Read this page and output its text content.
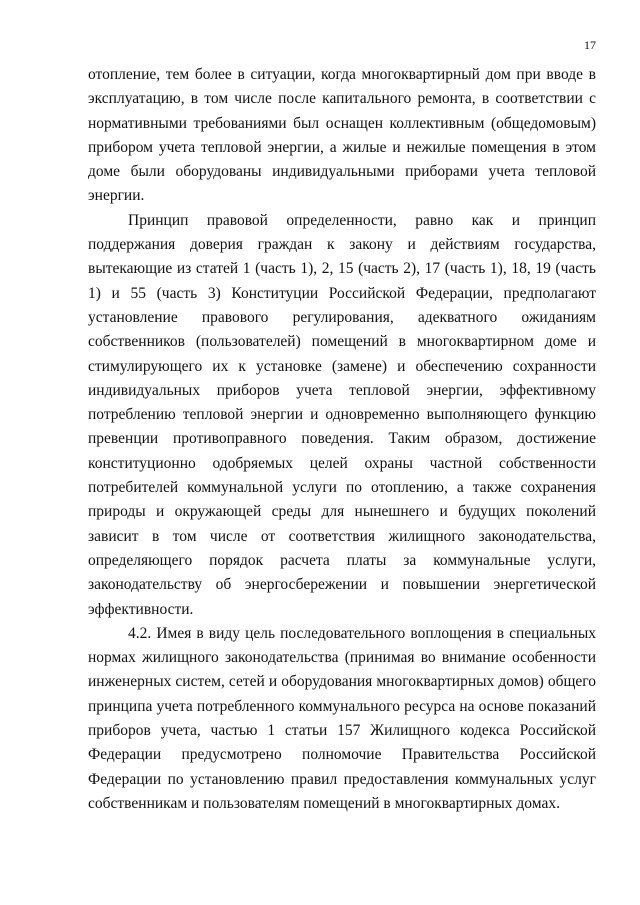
17

отопление, тем более в ситуации, когда многоквартирный дом при вводе в эксплуатацию, в том числе после капитального ремонта, в соответствии с нормативными требованиями был оснащен коллективным (общедомовым) прибором учета тепловой энергии, а жилые и нежилые помещения в этом доме были оборудованы индивидуальными приборами учета тепловой энергии.

Принцип правовой определенности, равно как и принцип поддержания доверия граждан к закону и действиям государства, вытекающие из статей 1 (часть 1), 2, 15 (часть 2), 17 (часть 1), 18, 19 (часть 1) и 55 (часть 3) Конституции Российской Федерации, предполагают установление правового регулирования, адекватного ожиданиям собственников (пользователей) помещений в многоквартирном доме и стимулирующего их к установке (замене) и обеспечению сохранности индивидуальных приборов учета тепловой энергии, эффективному потреблению тепловой энергии и одновременно выполняющего функцию превенции противоправного поведения. Таким образом, достижение конституционно одобряемых целей охраны частной собственности потребителей коммунальной услуги по отоплению, а также сохранения природы и окружающей среды для нынешнего и будущих поколений зависит в том числе от соответствия жилищного законодательства, определяющего порядок расчета платы за коммунальные услуги, законодательству об энергосбережении и повышении энергетической эффективности.

4.2. Имея в виду цель последовательного воплощения в специальных нормах жилищного законодательства (принимая во внимание особенности инженерных систем, сетей и оборудования многоквартирных домов) общего принципа учета потребленного коммунального ресурса на основе показаний приборов учета, частью 1 статьи 157 Жилищного кодекса Российской Федерации предусмотрено полномочие Правительства Российской Федерации по установлению правил предоставления коммунальных услуг собственникам и пользователям помещений в многоквартирных домах.
